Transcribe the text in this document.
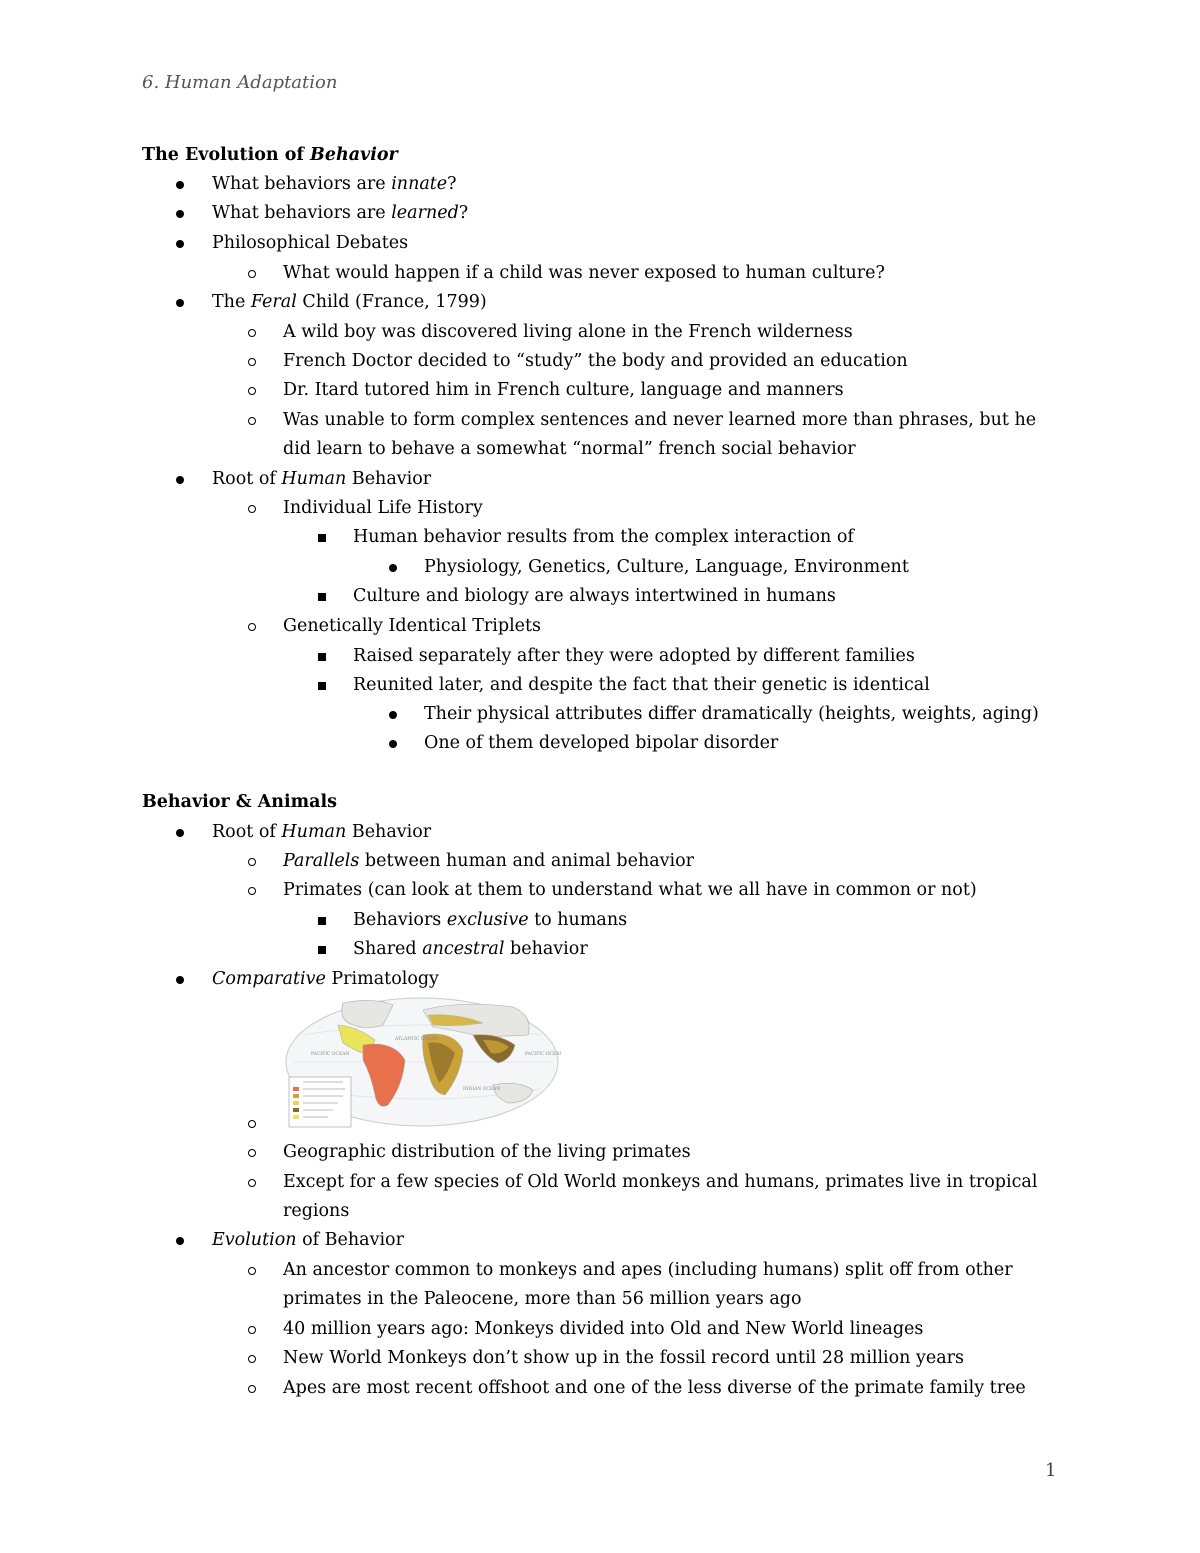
6. Human Adaptation
The Evolution of Behavior
What behaviors are innate?
What behaviors are learned?
Philosophical Debates
What would happen if a child was never exposed to human culture?
The Feral Child (France, 1799)
A wild boy was discovered living alone in the French wilderness
French Doctor decided to “study” the body and provided an education
Dr. Itard tutored him in French culture, language and manners
Was unable to form complex sentences and never learned more than phrases, but he
did learn to behave a somewhat “normal” french social behavior
Root of Human Behavior
Individual Life History
Human behavior results from the complex interaction of
Physiology, Genetics, Culture, Language, Environment
Culture and biology are always intertwined in humans
Genetically Identical Triplets
Raised separately after they were adopted by different families
Reunited later, and despite the fact that their genetic is identical
Their physical attributes differ dramatically (heights, weights, aging)
One of them developed bipolar disorder
Behavior & Animals
Root of Human Behavior
Parallels between human and animal behavior
Primates (can look at them to understand what we all have in common or not)
Behaviors exclusive to humans
Shared ancestral behavior
Comparative Primatology
PACIFIC OCEAN
ATLANTIC OCEAN
INDIAN OCEAN
PACIFIC OCEAN
Geographic distribution of the living primates
Except for a few species of Old World monkeys and humans, primates live in tropical
regions
Evolution of Behavior
An ancestor common to monkeys and apes (including humans) split off from other
primates in the Paleocene, more than 56 million years ago
40 million years ago: Monkeys divided into Old and New World lineages
New World Monkeys don’t show up in the fossil record until 28 million years
Apes are most recent offshoot and one of the less diverse of the primate family tree
1
